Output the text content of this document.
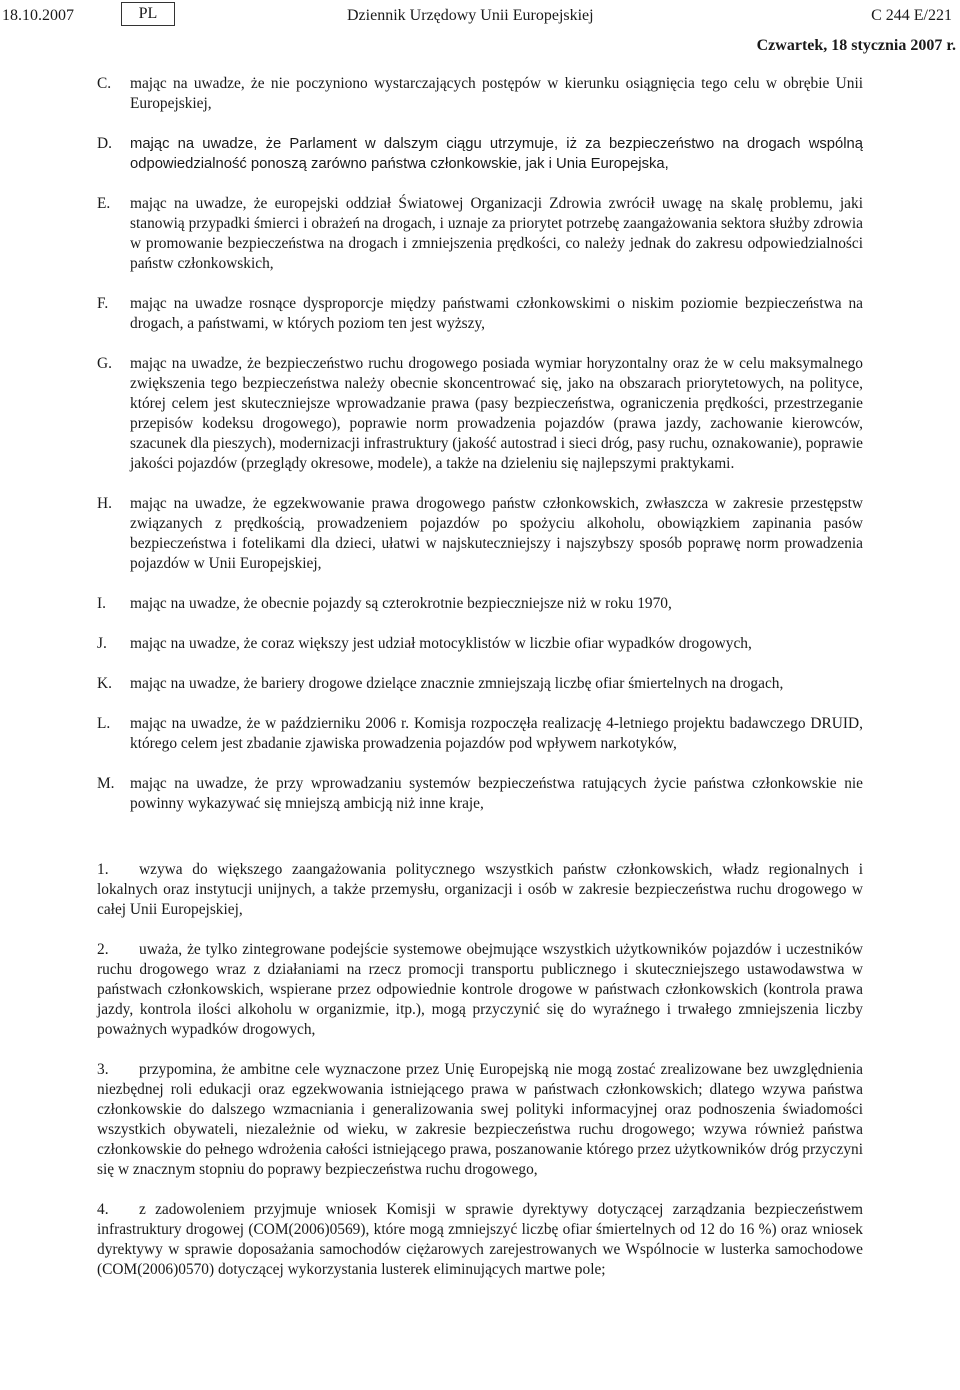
18.10.2007	PL	Dziennik Urzędowy Unii Europejskiej	C 244 E/221
Czwartek, 18 stycznia 2007 r.
C.	mając na uwadze, że nie poczyniono wystarczających postępów w kierunku osiągnięcia tego celu w obrębie Unii Europejskiej,
D.	mając na uwadze, że Parlament w dalszym ciągu utrzymuje, iż za bezpieczeństwo na drogach wspólną odpowiedzialność ponoszą zarówno państwa członkowskie, jak i Unia Europejska,
E.	mając na uwadze, że europejski oddział Światowej Organizacji Zdrowia zwrócił uwagę na skalę problemu, jaki stanowią przypadki śmierci i obrażeń na drogach, i uznaje za priorytet potrzebę zaangażowania sektora służby zdrowia w promowanie bezpieczeństwa na drogach i zmniejszenia prędkości, co należy jednak do zakresu odpowiedzialności państw członkowskich,
F.	mając na uwadze rosnące dysproporcje między państwami członkowskimi o niskim poziomie bezpieczeństwa na drogach, a państwami, w których poziom ten jest wyższy,
G.	mając na uwadze, że bezpieczeństwo ruchu drogowego posiada wymiar horyzontalny oraz że w celu maksymalnego zwiększenia tego bezpieczeństwa należy obecnie skoncentrować się, jako na obszarach priorytetowych, na polityce, której celem jest skuteczniejsze wprowadzanie prawa (pasy bezpieczeństwa, ograniczenia prędkości, przestrzeganie przepisów kodeksu drogowego), poprawie norm prowadzenia pojazdów (prawa jazdy, zachowanie kierowców, szacunek dla pieszych), modernizacji infrastruktury (jakość autostrad i sieci dróg, pasy ruchu, oznakowanie), poprawie jakości pojazdów (przeglądy okresowe, modele), a także na dzieleniu się najlepszymi praktykami.
H.	mając na uwadze, że egzekwowanie prawa drogowego państw członkowskich, zwłaszcza w zakresie przestępstw związanych z prędkością, prowadzeniem pojazdów po spożyciu alkoholu, obowiązkiem zapinania pasów bezpieczeństwa i fotelikami dla dzieci, ułatwi w najskuteczniejszy i najszybszy sposób poprawę norm prowadzenia pojazdów w Unii Europejskiej,
I.	mając na uwadze, że obecnie pojazdy są czterokrotnie bezpieczniejsze niż w roku 1970,
J.	mając na uwadze, że coraz większy jest udział motocyklistów w liczbie ofiar wypadków drogowych,
K.	mając na uwadze, że bariery drogowe dzielące znacznie zmniejszają liczbę ofiar śmiertelnych na drogach,
L.	mając na uwadze, że w październiku 2006 r. Komisja rozpoczęła realizację 4-letniego projektu badawczego DRUID, którego celem jest zbadanie zjawiska prowadzenia pojazdów pod wpływem narkotyków,
M.	mając na uwadze, że przy wprowadzaniu systemów bezpieczeństwa ratujących życie państwa członkowskie nie powinny wykazywać się mniejszą ambicją niż inne kraje,
1. wzywa do większego zaangażowania politycznego wszystkich państw członkowskich, władz regionalnych i lokalnych oraz instytucji unijnych, a także przemysłu, organizacji i osób w zakresie bezpieczeństwa ruchu drogowego w całej Unii Europejskiej,
2. uważa, że tylko zintegrowane podejście systemowe obejmujące wszystkich użytkowników pojazdów i uczestników ruchu drogowego wraz z działaniami na rzecz promocji transportu publicznego i skuteczniejszego ustawodawstwa w państwach członkowskich, wspierane przez odpowiednie kontrole drogowe w państwach członkowskich (kontrola prawa jazdy, kontrola ilości alkoholu w organizmie, itp.), mogą przyczynić się do wyraźnego i trwałego zmniejszenia liczby poważnych wypadków drogowych,
3. przypomina, że ambitne cele wyznaczone przez Unię Europejską nie mogą zostać zrealizowane bez uwzględnienia niezbędnej roli edukacji oraz egzekwowania istniejącego prawa w państwach członkowskich; dlatego wzywa państwa członkowskie do dalszego wzmacniania i generalizowania swej polityki informacyjnej oraz podnoszenia świadomości wszystkich obywateli, niezależnie od wieku, w zakresie bezpieczeństwa ruchu drogowego; wzywa również państwa członkowskie do pełnego wdrożenia całości istniejącego prawa, poszanowanie którego przez użytkowników dróg przyczyni się w znacznym stopniu do poprawy bezpieczeństwa ruchu drogowego,
4. z zadowoleniem przyjmuje wniosek Komisji w sprawie dyrektywy dotyczącej zarządzania bezpieczeństwem infrastruktury drogowej (COM(2006)0569), które mogą zmniejszyć liczbę ofiar śmiertelnych od 12 do 16 %) oraz wniosek dyrektywy w sprawie doposażania samochodów ciężarowych zarejestrowanych we Wspólnocie w lusterka samochodowe (COM(2006)0570) dotyczącej wykorzystania lusterek eliminujących martwe pole;
